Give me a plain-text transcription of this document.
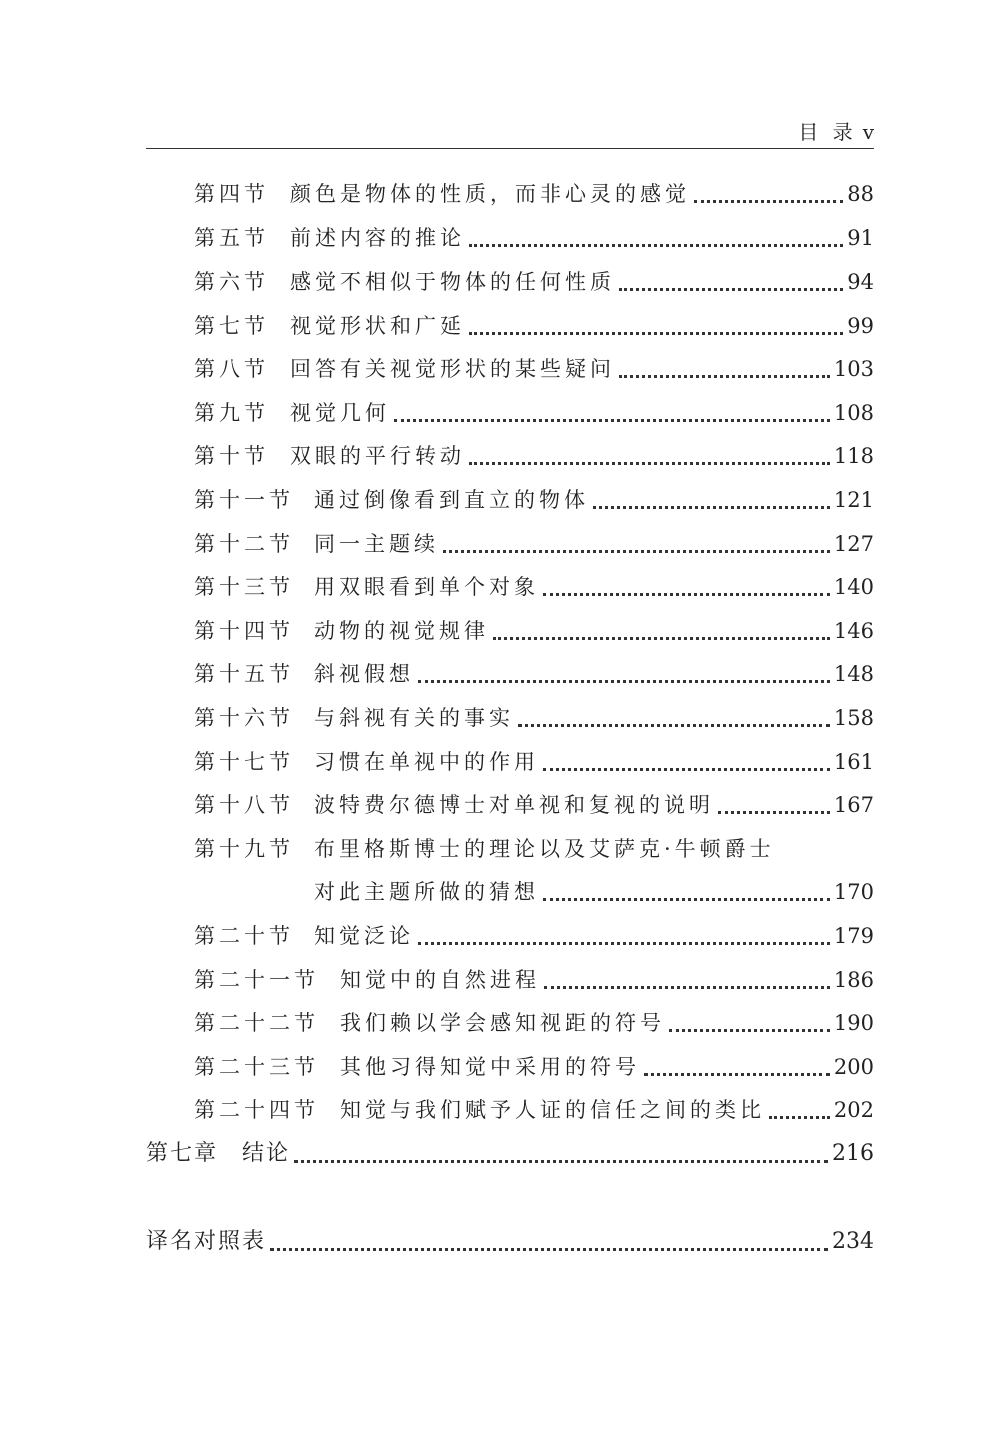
目 录 v
第四节 颜色是物体的性质，而非心灵的感觉	88
第五节 前述内容的推论	91
第六节 感觉不相似于物体的任何性质	94
第七节 视觉形状和广延	99
第八节 回答有关视觉形状的某些疑问	103
第九节 视觉几何	108
第十节 双眼的平行转动	118
第十一节 通过倒像看到直立的物体	121
第十二节 同一主题续	127
第十三节 用双眼看到单个对象	140
第十四节 动物的视觉规律	146
第十五节 斜视假想	148
第十六节 与斜视有关的事实	158
第十七节 习惯在单视中的作用	161
第十八节 波特费尔德博士对单视和复视的说明	167
第十九节 布里格斯博士的理论以及艾萨克·牛顿爵士
对此主题所做的猜想	170
第二十节 知觉泛论	179
第二十一节 知觉中的自然进程	186
第二十二节 我们赖以学会感知视距的符号	190
第二十三节 其他习得知觉中采用的符号	200
第二十四节 知觉与我们赋予人证的信任之间的类比	202
第七章 结论	216
译名对照表	234
